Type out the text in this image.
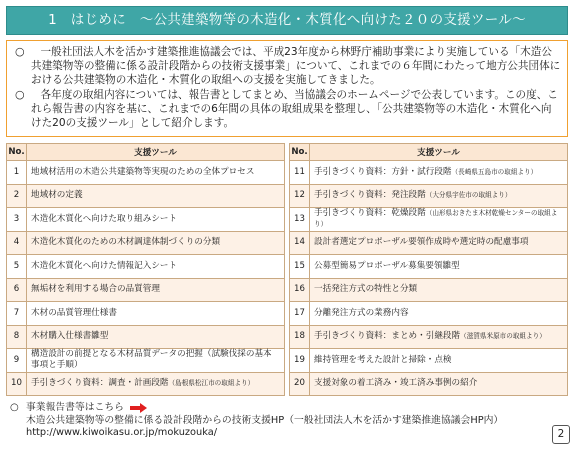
1　はじめに　～公共建築物等の木造化・木質化へ向けた２０の支援ツール～
○	一般社団法人木を活かす建築推進協議会では、平成23年度から林野庁補助事業により実施している「木造公共建築物等の整備に係る設計段階からの技術支援事業」について、これまでの６年間にわたって地方公共団体における公共建築物の木造化・木質化の取組への支援を実施してきました。
○	各年度の取組内容については、報告書としてまとめ、当協議会のホームページで公表しています。この度、これら報告書の内容を基に、これまでの6年間の具体の取組成果を整理し、「公共建築物等の木造化・木質化へ向けた20の支援ツール」として紹介します。
No.	支援ツール
1	地域材活用の木造公共建築物等実現のための全体プロセス
2	地域材の定義
3	木造化木質化へ向けた取り組みシート
4	木造化木質化のための木材調達体制づくりの分類
5	木造化木質化へ向けた情報記入シート
6	無垢材を利用する場合の品質管理
7	木材の品質管理仕様書
8	木材購入仕様書雛型
9	構造設計の前提となる木材品質データの把握（試験伐採の基本事項と手順）
10	手引きづくり資料：調査・計画段階（島根県松江市の取組より）
No.	支援ツール
11	手引きづくり資料：方針・試行段階（長崎県五島市の取組より）
12	手引きづくり資料：発注段階（大分県宇佐市の取組より）
13	手引きづくり資料：乾燥段階（山形県おきたま木材乾燥センターの取組より）
14	設計者選定プロポーザル要領作成時や選定時の配慮事項
15	公募型簡易プロポーザル募集要領雛型
16	一括発注方式の特性と分類
17	分離発注方式の業務内容
18	手引きづくり資料：まとめ・引継段階（滋賀県米原市の取組より）
19	維持管理を考えた設計と掃除・点検
20	支援対象の着工済み・竣工済み事例の紹介
○ 事業報告書等はこちら
木造公共建築物等の整備に係る設計段階からの技術支援HP（一般社団法人木を活かす建築推進協議会HP内）
http://www.kiwoikasu.or.jp/mokuzouka/	2
